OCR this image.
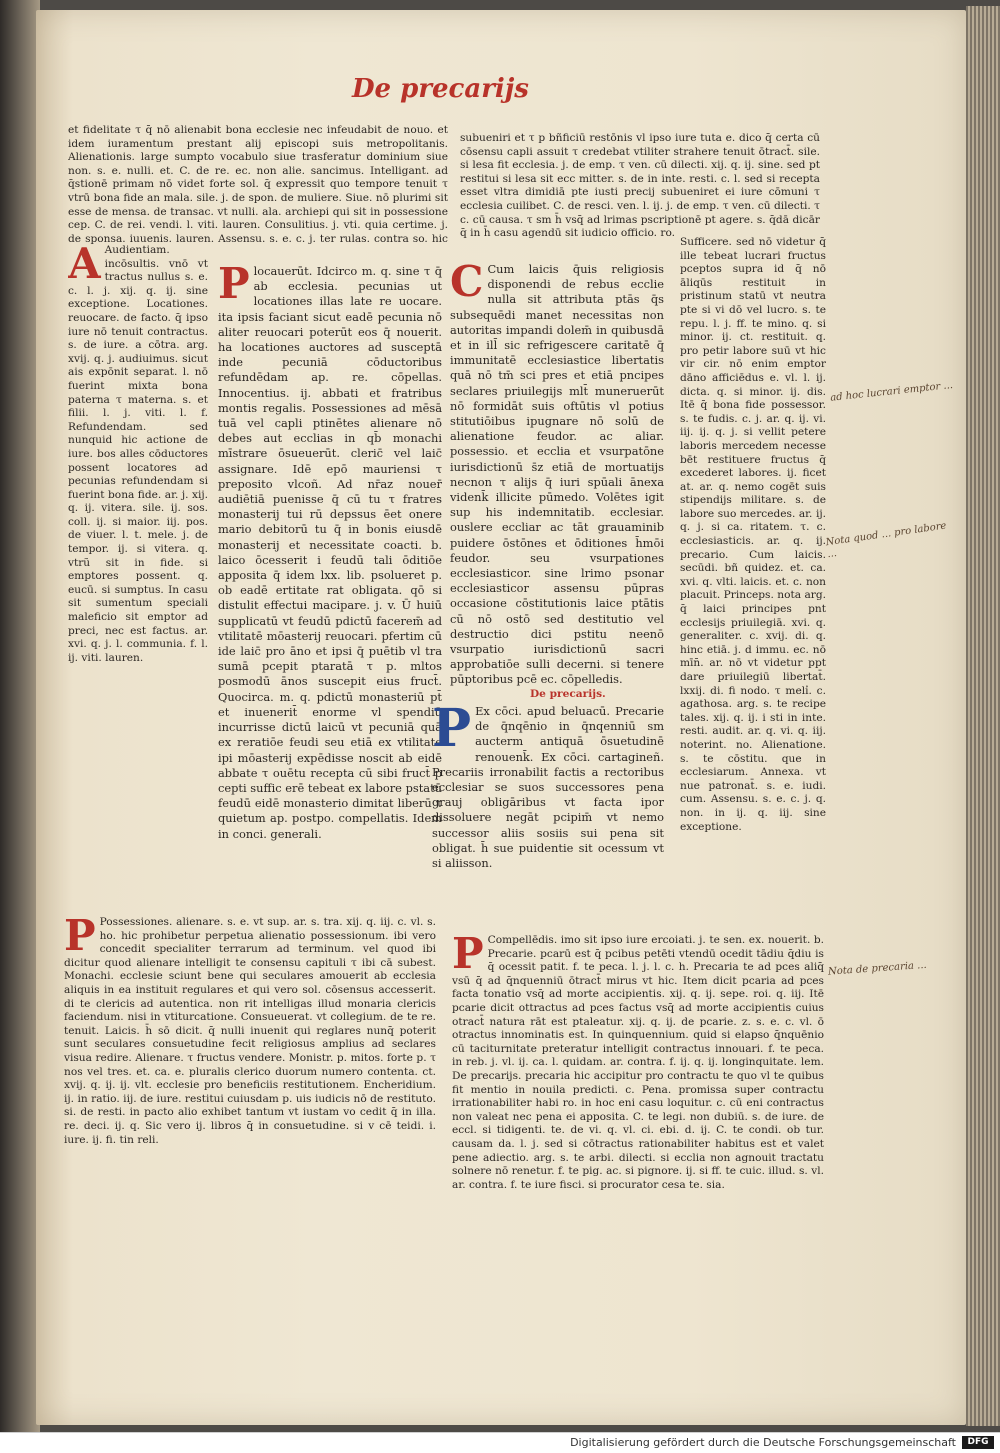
De precarijs

et fidelitate τ q̄ nō alienabit bona ecclesie nec infeudabit de nouo. et idem iuramentum prestant alij episcopi suis metropolitanis. Alienationis. large sumpto vocabulo siue trasferatur dominium siue non. s. e. nulli. et. C. de re. ec. non alie. sancimus. Intelligant. ad q̄stionē primam nō videt forte sol. q̄ expressit quo tempore tenuit τ vtrū bona fide an mala. sile. j. de spon. de muliere. Siue. nō plurimi sit esse de mensa. de transac. vt nulli. ala. archiepi qui sit in possessione cep. C. de rei. vendi. l. viti. lauren. Consulitius. j. vti. quia certime. j. de sponsa. iuuenis. lauren. Assensu. s. e. c. j. ter rulas. contra so. hic

A Audientiam. incōsultis. vnō vt tractus nullus s. e. c. l. j. xij. q. ij. sine exceptione. Locationes. reuocare. de facto. q̄ ipso iure nō tenuit contractus. s. de iure. a cōtra. arg. xvij. q. j. audiuimus. sicut ais expōnit separat. l. nō fuerint mixta bona paterna τ materna. s. et filii. l. j. viti. l. f. Refundendam. sed nunquid hic actione de iure. bos alles cōductores possent locatores ad pecunias refundendam si fuerint bona fide. ar. j. xij. q. ij. vitera. sile. ij. sos. coll. ij. si maior. iij. pos. de viuer. l. t. mele. j. de tempor. ij. si vitera. q. vtrũ sit in fide. si emptores possent. q. eucū. si sumptus. In casu sit sumentum speciali maleficio sit emptor ad preci, nec est factus. ar. xvi. q. j. l. communia. f. l. ij. viti. lauren.

Plocauerūt. Idcirco m. q. sine τ q̄ ab ecclesia. pecunias ut locationes illas late re uocare. ita ipsis faciant sicut eadē pecunia nō aliter reuocari poterūt eos q̄ nouerit. ha locationes auctores ad susceptā inde pecuniā cōductoribus refundēdam ap. re. cōpellas. Innocentius. ij. abbati et fratribus montis regalis. Possessiones ad mēsā tuā vel capli ptinētes alienare nō debes aut ecclias in qb̄ monachi mīstrare ōsueuerūt. cleric̄ vel laic̄ assignare. Idē epō mauriensi τ preposito vlcoñ. Ad nr̄az nouer̄ audiētiā puenisse q̄ cū tu τ fratres monasterij tui rū depssus ēet onere mario debitorū tu q̄ in bonis eiusdē monasterij et necessitate coacti. b. laico ōcesserit i feudū tali ōditiōe apposita q̄ idem lxx. lib. psolueret p. ob eadē ertitate rat obligata. qō si distulit effectui macipare. j. v. Ū huiū supplicatū vt feudū pdictū facerem̄ ad vtilitatē mōasterij reuocari. pfertim cū ide laic̄ pro āno et ipsi q̄ puētib vl tra sumā pcepit ptaratā τ p. mltos posmodū ānos suscepit eius fruct̄. Quocirca. m. q. pdictū monasteriū pt̄ et inuenerit̄ enorme vl spendiū incurrisse dictū laicū vt pecuniā quā ex reratiōe feudi seu etiā ex vtilitate ipi mōasterij expēdisse noscit ab eidē abbate τ ouētu recepta cū sibi fruct̄ p cepti suffic erē tebeat ex labore pstatū feudū eidē monasterio dimitat liberū τ quietum ap. postpo. compellatis. Idem in conci. generali.

P Possessiones. alienare. s. e. vt sup. ar. s. tra. xij. q. iij. c. vl. s. ho. hic prohibetur perpetua alienatio possessionum. ibi vero concedit specialiter terrarum ad terminum. vel quod ibi dicitur quod alienare intelligit te consensu capituli τ ibi cā subest. Monachi. ecclesie sciunt bene qui seculares amouerit ab ecclesia aliquis in ea instituit regulares et qui vero sol. cōsensus accesserit. di te clericis ad autentica. non rit intelligas illud monaria clericis faciendum. nisi in vtiturcatione. Consueuerat. vt collegium. de te re. tenuit. Laicis. h̄ sō dicit. q̄ nulli inuenit qui reglares nunq̄ poterit sunt seculares consuetudine fecit religiosus amplius ad seclares visua redire. Alienare. τ fructus vendere. Monistr. p. mitos. forte p. τ nos vel tres. et. ca. e. pluralis clerico duorum numero contenta. ct. xvij. q. ij. ij. vlt. ecclesie pro beneficiis restitutionem. Encheridium. ij. in ratio. iij. de iure. restitui cuiusdam p. uis iudicis nō de restituto. si. de resti. in pacto alio exhibet tantum vt iustam vo cedit q̄ in illa. re. deci. ij. q. Sic vero ij. libros q̄ in consuetudine. si v cē teidi. i. iure. ij. fi. tin reli.

subueniri et τ p bñficiū restōnis vl ipso iure tuta e. dico q̄ certa cū cōsensu capli assuit τ credebat vtiliter strahere tenuit ōtract̄. sile. si lesa fit ecclesia. j. de emp. τ ven. cū dilecti. xij. q. ij. sine. sed pt restitui si lesa sit ecc mitter. s. de in inte. resti. c. l. sed si recepta esset vltra dimidiā pte iusti precij subueniret ei iure cōmuni τ ecclesia cuilibet. C. de resci. ven. l. ij. j. de emp. τ ven. cū dilecti. τ c. cū causa. τ sm h̄ vsq̄ ad lrimas pscriptionē pt agere. s. q̄dā dicār q̄ in h̄ casu agendū sit iudicio officio. ro.

C Cum laicis q̄uis religiosis disponendi de rebus ecclie nulla sit attributa ptās q̄s subsequēdi manet necessitas non autoritas impandi dolem̄ in quibusdā et in ill̄ sic refrigescere caritatē q̄ immunitatē ecclesiastice libertatis quā nō tm̄ sci pres et etiā pncipes seclares priuilegijs mlt̄ muneruerūt nō formidāt suis oftūtis vl potius stitutiōibus ipugnare nō solū de alienatione feudor. ac aliar. possessio. et ecclia et vsurpatōne iurisdictionū s̄z etiā de mortuatijs necnon τ alijs q̄ iuri spūali ānexa videnk̄ illicite pūmedo. Volētes igit sup his indemnitatib. ecclesiar. ouslere eccliar ac tāt grauaminib puidere ōstōnes et ōditiones h̄mōi feudor. seu vsurpationes ecclesiasticor. sine lrimo psonar ecclesiasticor assensu pūpras occasione cōstitutionis laice ptātis cū nō ostō sed destitutio vel destructio dici pstitu neenō vsurpatio iurisdictionū sacri approbatiōe sulli decerni. si tenere pūptoribus pcē ec. cōpelledis.

De precarijs.

P Ex cōci. apud beluacū. Precarie de q̄nqēnio in q̄nqenniū sm aucterm antiquā ōsuetudinē renouenk̄. Ex cōci. cartagineñ. Precariis irronabilit factis a rectoribus ecclesiar se suos successores pena grauj obligāribus vt facta ipor dissoluere negāt pcipim̄ vt nemo successor aliis sosiis sui pena sit obligat. h̄ sue puidentie sit ocessum vt si aliisson.

P Compellēdis. imo sit ipso iure ercoiati. j. te sen. ex. nouerit. b. Precarie. pcarū est q̄ pcibus petēti vtendū ocedit tādiu q̄diu is q̄ ocessit patit. f. te peca. l. j. l. c. h. Precaria te ad pces aliq̄ vsū q̄ ad q̄nquenniū ōtract̄ mirus vt hic. Item dicit pcaria ad pces facta tonatio vsq̄ ad morte accipientis. xij. q. ij. sepe. roi. q. iij. Itē pcarie dicit ottractus ad pces factus vsq̄ ad morte accipientis cuius otract̄ natura rāt est ptaleatur. xij. q. ij. de pcarie. z. s. e. c. vl. ō otractus innominatis est. In quinquennium. quid si elapso q̄nquēnio cū taciturnitate preteratur intelligit contractus innouari. f. te peca. in reb. j. vl. ij. ca. l. quidam. ar. contra. f. ij. q. ij. longinquitate. lem. De precarijs. precaria hic accipitur pro contractu te quo vl te quibus fit mentio in nouila predicti. c. Pena. promissa super contractu irrationabiliter habi ro. in hoc eni casu loquitur. c. cū eni contractus non valeat nec pena ei apposita. C. te legi. non dubiū. s. de iure. de eccl. si tidigenti. te. de vi. q. vl. ci. ebi. d. ij. C. te condi. ob tur. causam da. l. j. sed si cōtractus rationabiliter habitus est et valet pene adiectio. arg. s. te arbi. dilecti. si ecclia non agnouit tractatu solnere nō renetur. f. te pig. ac. si pignore. ij. si ff. te cuic. illud. s. vl. ar. contra. f. te iure fisci. si procurator cesa te. sia.

Sufficere. sed nō videtur q̄ ille tebeat lucrari fructus pceptos supra id q̄ nō āliqūs restituit in pristinum statū vt neutra pte si vi dō vel lucro. s. te repu. l. j. ff. te mino. q. si minor. ij. ct. restituit. q. pro petir labore suū vt hic vir cir. nō enim emptor dāno afficiēdus e. vl. l. ij. dicta. q. si minor. ij. dis. Itē q̄ bona fide possessor. s. te fudis. c. j. ar. q. ij. vi. iij. ij. q. j. si vellit petere laboris mercedem necesse bēt restituere fructus q̄ excederet labores. ij. ficet at. ar. q. nemo cogēt suis stipendijs militare. s. de labore suo mercedes. ar. ij. q. j. si ca. ritatem. τ. c. ecclesiasticis. ar. q. ij. precario. Cum laicis. secūdi. bñ quidez. et. ca. xvi. q. vlti. laicis. et. c. non placuit. Princeps. nota arg. q̄ laici principes pnt ecclesijs priuilegiā. xvi. q. generaliter. c. xvij. di. q. hinc etiā. j. d immu. ec. nō mīn̄. ar. nō vt videtur ppt dare priuilegiū libertat̄. lxxij. di. fi nodo. τ meli̓. c. agathosa. arg. s. te recipe tales. xij. q. ij. i sti in inte. resti. audit. ar. q. vi. q. iij. noterint. no. Alienatione. s. te cōstitu. que in ecclesiarum. Annexa. vt nue patronat̄. s. e. iudi. cum. Assensu. s. e. c. j. q. non. in ij. q. iij. sine exceptione.

ad hoc lucrari emptor ...
Nota quod ... pro labore ...
Nota de precaria ...
Digitalisierung gefördert durch die Deutsche Forschungsgemeinschaft	DFG
